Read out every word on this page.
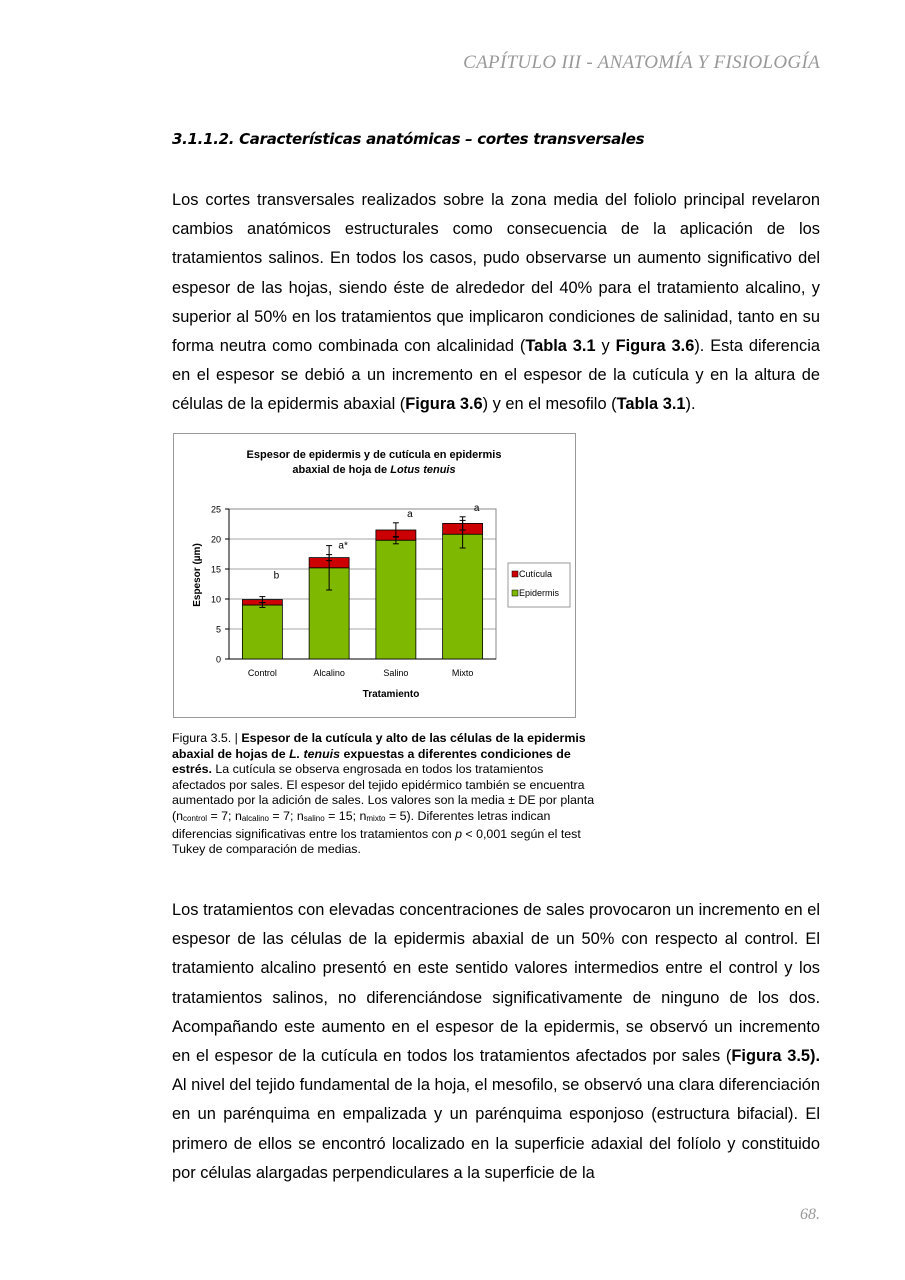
CAPÍTULO III - ANATOMÍA Y FISIOLOGÍA
3.1.1.2. Características anatómicas – cortes transversales
Los cortes transversales realizados sobre la zona media del foliolo principal revelaron cambios anatómicos estructurales como consecuencia de la aplicación de los tratamientos salinos. En todos los casos, pudo observarse un aumento significativo del espesor de las hojas, siendo éste de alrededor del 40% para el tratamiento alcalino, y superior al 50% en los tratamientos que implicaron condiciones de salinidad, tanto en su forma neutra como combinada con alcalinidad (Tabla 3.1 y Figura 3.6). Esta diferencia en el espesor se debió a un incremento en el espesor de la cutícula y en la altura de células de la epidermis abaxial (Figura 3.6) y en el mesofilo (Tabla 3.1).
Espesor de epidermis y de cutícula en epidermis
abaxial de hoja de Lotus tenuis
Espesor (µm)
Tratamiento
0
5
10
15
20
25
b
Control
a*
Alcalino
a
Salino
a
Mixto
Cutícula
Epidermis
Figura 3.5. | Espesor de la cutícula y alto de las células de la epidermis abaxial de hojas de L. tenuis expuestas a diferentes condiciones de estrés. La cutícula se observa engrosada en todos los tratamientos afectados por sales. El espesor del tejido epidérmico también se encuentra aumentado por la adición de sales. Los valores son la media ± DE por planta ($n_{control} = 7$; $n_{alcalino} = 7$; $n_{salino} = 15$; $n_{mixto} = 5$). Diferentes letras indican diferencias significativas entre los tratamientos con p < 0,001 según el test Tukey de comparación de medias.
Los tratamientos con elevadas concentraciones de sales provocaron un incremento en el espesor de las células de la epidermis abaxial de un 50% con respecto al control. El tratamiento alcalino presentó en este sentido valores intermedios entre el control y los tratamientos salinos, no diferenciándose significativamente de ninguno de los dos. Acompañando este aumento en el espesor de la epidermis, se observó un incremento en el espesor de la cutícula en todos los tratamientos afectados por sales (Figura 3.5). Al nivel del tejido fundamental de la hoja, el mesofilo, se observó una clara diferenciación en un parénquima en empalizada y un parénquima esponjoso (estructura bifacial). El primero de ellos se encontró localizado en la superficie adaxial del folíolo y constituido por células alargadas perpendiculares a la superficie de la
68.
